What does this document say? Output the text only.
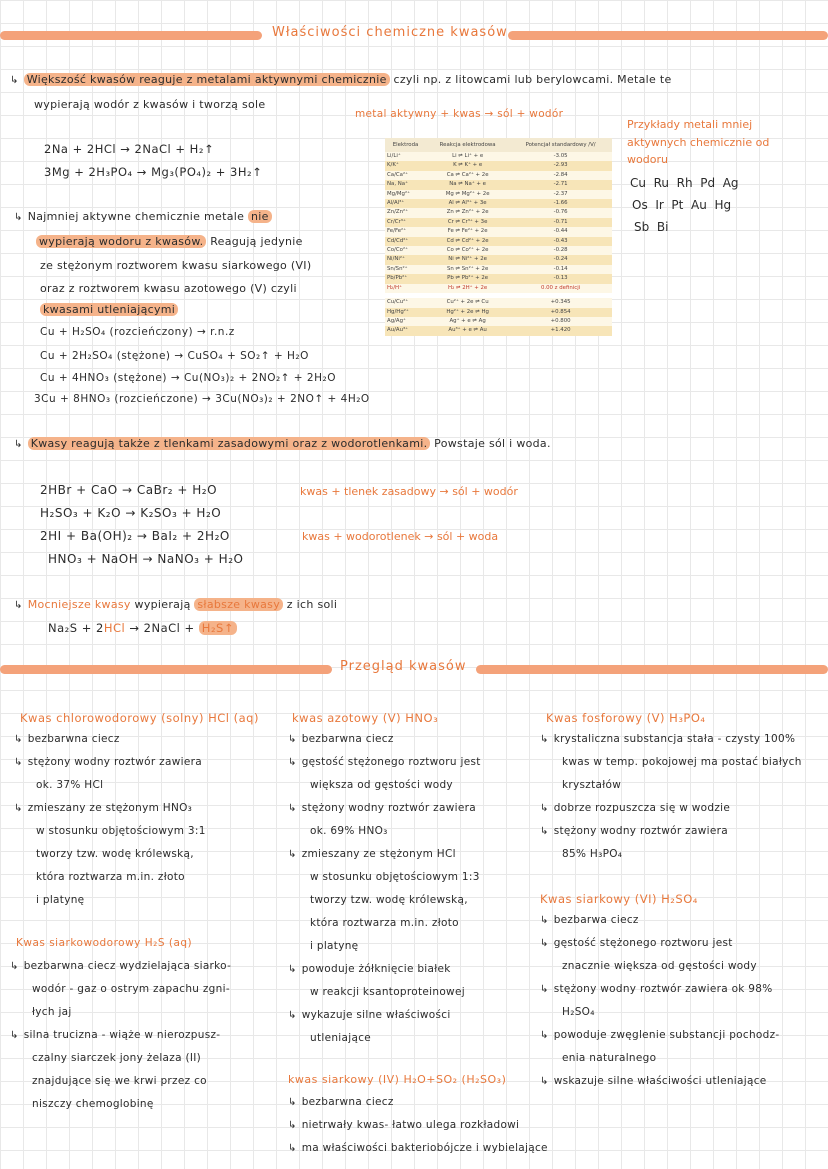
Właściwości chemiczne kwasów
↳ Większość kwasów reaguje z metalami aktywnymi chemicznie czyli np. z litowcami lub berylowcami. Metale te
wypierają wodór z kwasów i tworzą sole
metal aktywny + kwas → sól + wodór
2Na + 2HCl → 2NaCl + H₂↑
3Mg + 2H₃PO₄ → Mg₃(PO₄)₂ + 3H₂↑
Przykłady metali mniej
aktywnych chemicznie od
wodoru
Cu  Ru  Rh  Pd  Ag
Os  Ir  Pt  Au  Hg
Sb  Bi
Elektroda	Reakcja elektrodowa	Potencjał standardowy /V/
Li/Li⁺	Li ⇌ Li⁺ + e	-3.05
K/K⁺	K ⇌ K⁺ + e	-2.93
Ca/Ca²⁺	Ca ⇌ Ca²⁺ + 2e	-2.84
Na, Na⁺	Na ⇌ Na⁺ + e	-2.71
Mg/Mg²⁺	Mg ⇌ Mg²⁺ + 2e	-2.37
Al/Al³⁺	Al ⇌ Al³⁺ + 3e	-1.66
Zn/Zn²⁺	Zn ⇌ Zn²⁺ + 2e	-0.76
Cr/Cr³⁺	Cr ⇌ Cr³⁺ + 3e	-0.71
Fe/Fe²⁺	Fe ⇌ Fe²⁺ + 2e	-0.44
Cd/Cd²⁺	Cd ⇌ Cd²⁺ + 2e	-0.43
Co/Co²⁺	Co ⇌ Co²⁺ + 2e	-0.28
Ni/Ni²⁺	Ni ⇌ Ni²⁺ + 2e	-0.24
Sn/Sn²⁺	Sn ⇌ Sn²⁺ + 2e	-0.14
Pb/Pb²⁺	Pb ⇌ Pb²⁺ + 2e	-0.13
H₂/H⁺	H₂ ⇌ 2H⁺ + 2e	0.00 z definicji

Cu/Cu²⁺	Cu²⁺ + 2e ⇌ Cu	+0.345
Hg/Hg²⁺	Hg²⁺ + 2e ⇌ Hg	+0.854
Ag/Ag⁺	Ag⁺ + e ⇌ Ag	+0.800
Au/Au³⁺	Au³⁺ + e ⇌ Au	+1.420
↳ Najmniej aktywne chemicznie metale nie
wypierają wodoru z kwasów. Reagują jedynie
ze stężonym roztworem kwasu siarkowego (VI)
oraz z roztworem kwasu azotowego (V) czyli
kwasami utleniającymi
Cu + H₂SO₄ (rozcieńczony) → r.n.z
Cu + 2H₂SO₄ (stężone) → CuSO₄ + SO₂↑ + H₂O
Cu + 4HNO₃ (stężone) → Cu(NO₃)₂ + 2NO₂↑ + 2H₂O
3Cu + 8HNO₃ (rozcieńczone) → 3Cu(NO₃)₂ + 2NO↑ + 4H₂O
↳ Kwasy reagują także z tlenkami zasadowymi oraz z wodorotlenkami. Powstaje sól i woda.
2HBr + CaO → CaBr₂ + H₂O
H₂SO₃ + K₂O → K₂SO₃ + H₂O
2HI + Ba(OH)₂ → BaI₂ + 2H₂O
HNO₃ + NaOH → NaNO₃ + H₂O
kwas + tlenek zasadowy → sól + wodór
kwas + wodorotlenek → sól + woda
↳ Mocniejsze kwasy wypierają słabsze kwasy z ich soli
Na₂S + 2HCl → 2NaCl + H₂S↑
Przegląd kwasów
Kwas chlorowodorowy (solny) HCl (aq)
↳ bezbarwna ciecz
↳ stężony wodny roztwór zawiera
ok. 37% HCl
↳ zmieszany ze stężonym HNO₃
w stosunku objętościowym 3:1
tworzy tzw. wodę królewską,
która roztwarza m.in. złoto
i platynę
Kwas siarkowodorowy H₂S (aq)
↳ bezbarwna ciecz wydzielająca siarko-
wodór - gaz o ostrym zapachu zgni-
łych jaj
↳ silna trucizna - wiąże w nierozpusz-
czalny siarczek jony żelaza (II)
znajdujące się we krwi przez co
niszczy chemoglobinę
kwas azotowy (V) HNO₃
↳ bezbarwna ciecz
↳ gęstość stężonego roztworu jest
większa od gęstości wody
↳ stężony wodny roztwór zawiera
ok. 69% HNO₃
↳ zmieszany ze stężonym HCl
w stosunku objętościowym 1:3
tworzy tzw. wodę królewską,
która roztwarza m.in. złoto
i platynę
↳ powoduje żółknięcie białek
w reakcji ksantoproteinowej
↳ wykazuje silne właściwości
utleniające
kwas siarkowy (IV) H₂O+SO₂ (H₂SO₃)
↳ bezbarwna ciecz
↳ nietrwały kwas- łatwo ulega rozkładowi
↳ ma właściwości bakteriobójcze i wybielające
Kwas fosforowy (V) H₃PO₄
↳ krystaliczna substancja stała - czysty 100%
kwas w temp. pokojowej ma postać białych
kryształów
↳ dobrze rozpuszcza się w wodzie
↳ stężony wodny roztwór zawiera
85% H₃PO₄
Kwas siarkowy (VI) H₂SO₄
↳ bezbarwa ciecz
↳ gęstość stężonego roztworu jest
znacznie większa od gęstości wody
↳ stężony wodny roztwór zawiera ok 98%
H₂SO₄
↳ powoduje zwęglenie substancji pochodz-
enia naturalnego
↳ wskazuje silne właściwości utleniające
